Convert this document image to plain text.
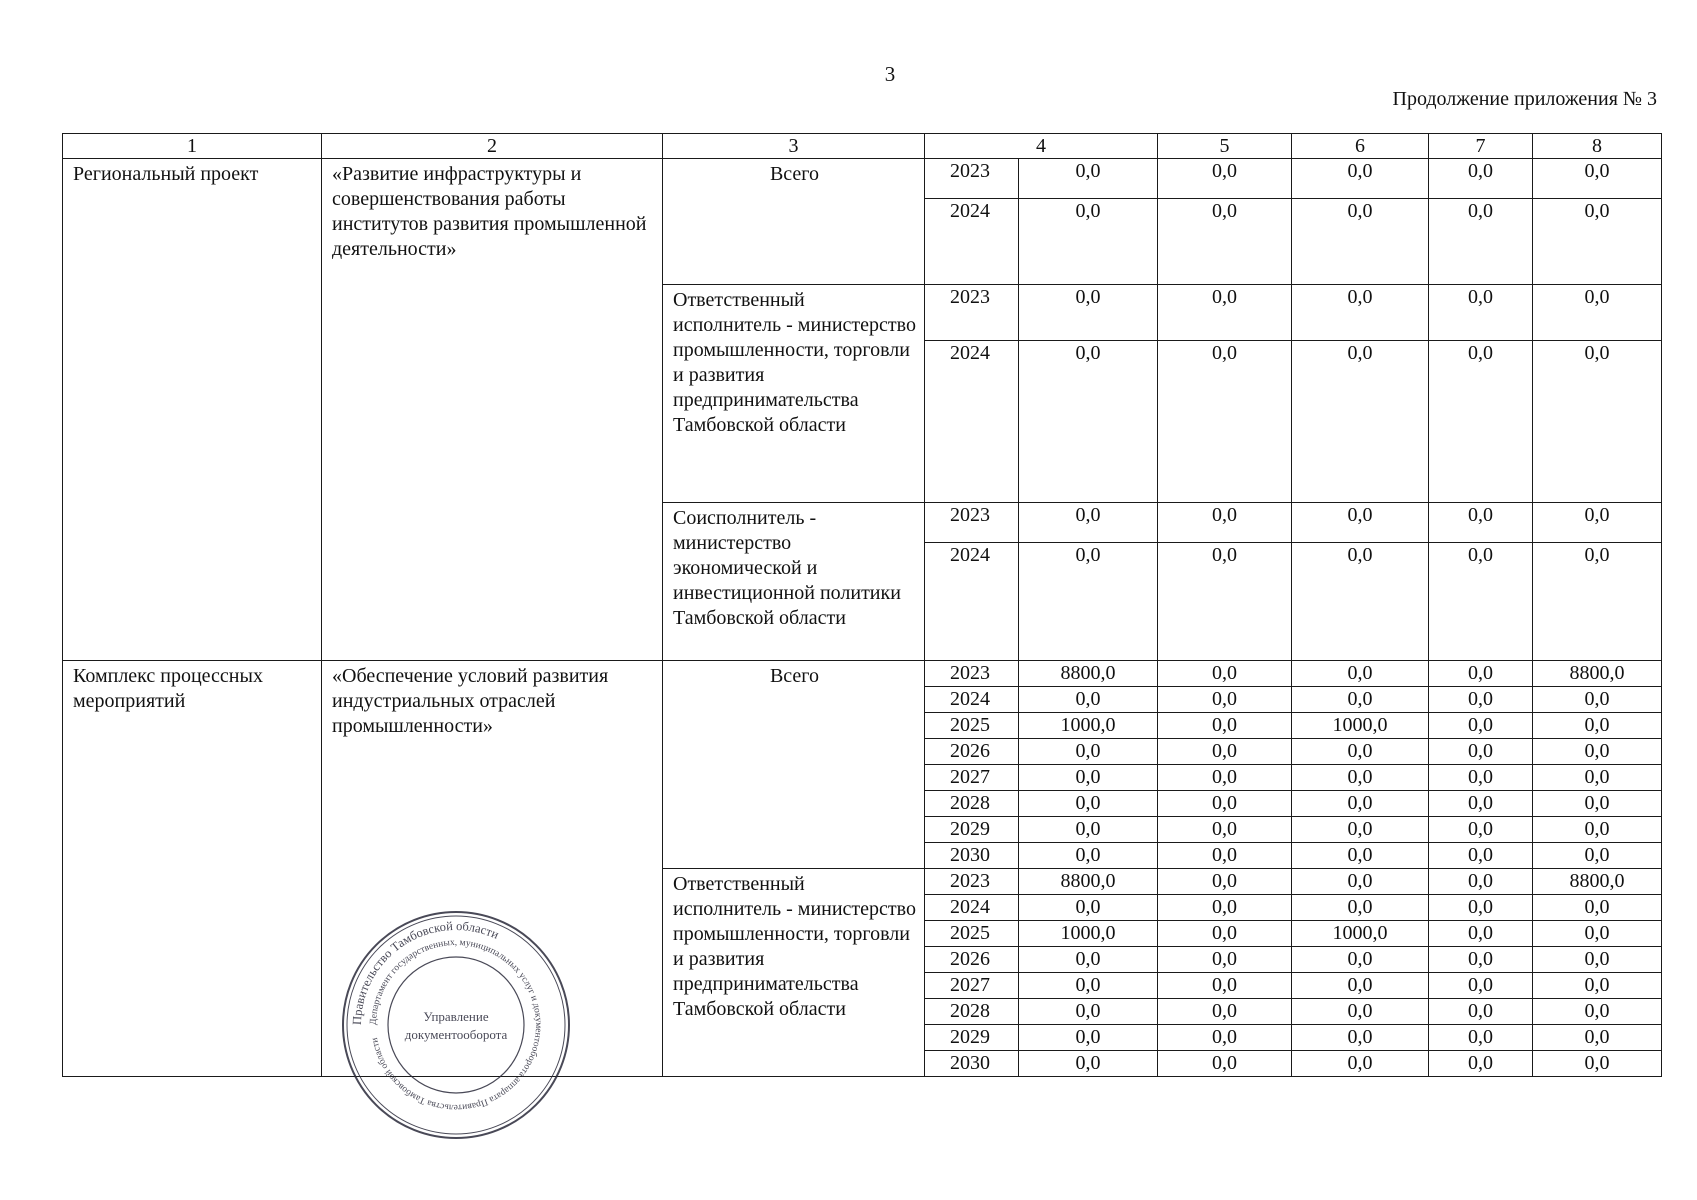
3
Продолжение приложения № 3
1	2	3	4		5	6	7	8
Региональный проект	«Развитие инфраструктуры и совершенствования работы институтов развития промышленной деятельности»	Всего	2023	0,0	0,0	0,0	0,0	0,0
			2024	0,0	0,0	0,0	0,0	0,0
		Ответственный исполнитель - министерство промышленности, торговли и развития предпринимательства Тамбовской области	2023	0,0	0,0	0,0	0,0	0,0
			2024	0,0	0,0	0,0	0,0	0,0
		Соисполнитель - министерство экономической и инвестиционной политики Тамбовской области	2023	0,0	0,0	0,0	0,0	0,0
			2024	0,0	0,0	0,0	0,0	0,0
Комплекс процессных мероприятий	«Обеспечение условий развития индустриальных отраслей промышленности»	Всего	2023	8800,0	0,0	0,0	0,0	8800,0
			2024	0,0	0,0	0,0	0,0	0,0
			2025	1000,0	0,0	1000,0	0,0	0,0
			2026	0,0	0,0	0,0	0,0	0,0
			2027	0,0	0,0	0,0	0,0	0,0
			2028	0,0	0,0	0,0	0,0	0,0
			2029	0,0	0,0	0,0	0,0	0,0
			2030	0,0	0,0	0,0	0,0	0,0
		Ответственный исполнитель - министерство промышленности, торговли и развития предпринимательства Тамбовской области	2023	8800,0	0,0	0,0	0,0	8800,0
			2024	0,0	0,0	0,0	0,0	0,0
			2025	1000,0	0,0	1000,0	0,0	0,0
			2026	0,0	0,0	0,0	0,0	0,0
			2027	0,0	0,0	0,0	0,0	0,0
			2028	0,0	0,0	0,0	0,0	0,0
			2029	0,0	0,0	0,0	0,0	0,0
			2030	0,0	0,0	0,0	0,0	0,0
Правительство Тамбовской области
Департамент государственных, муниципальных услуг и документооборота аппарата Правительства Тамбовской области
Управление
документооборота
